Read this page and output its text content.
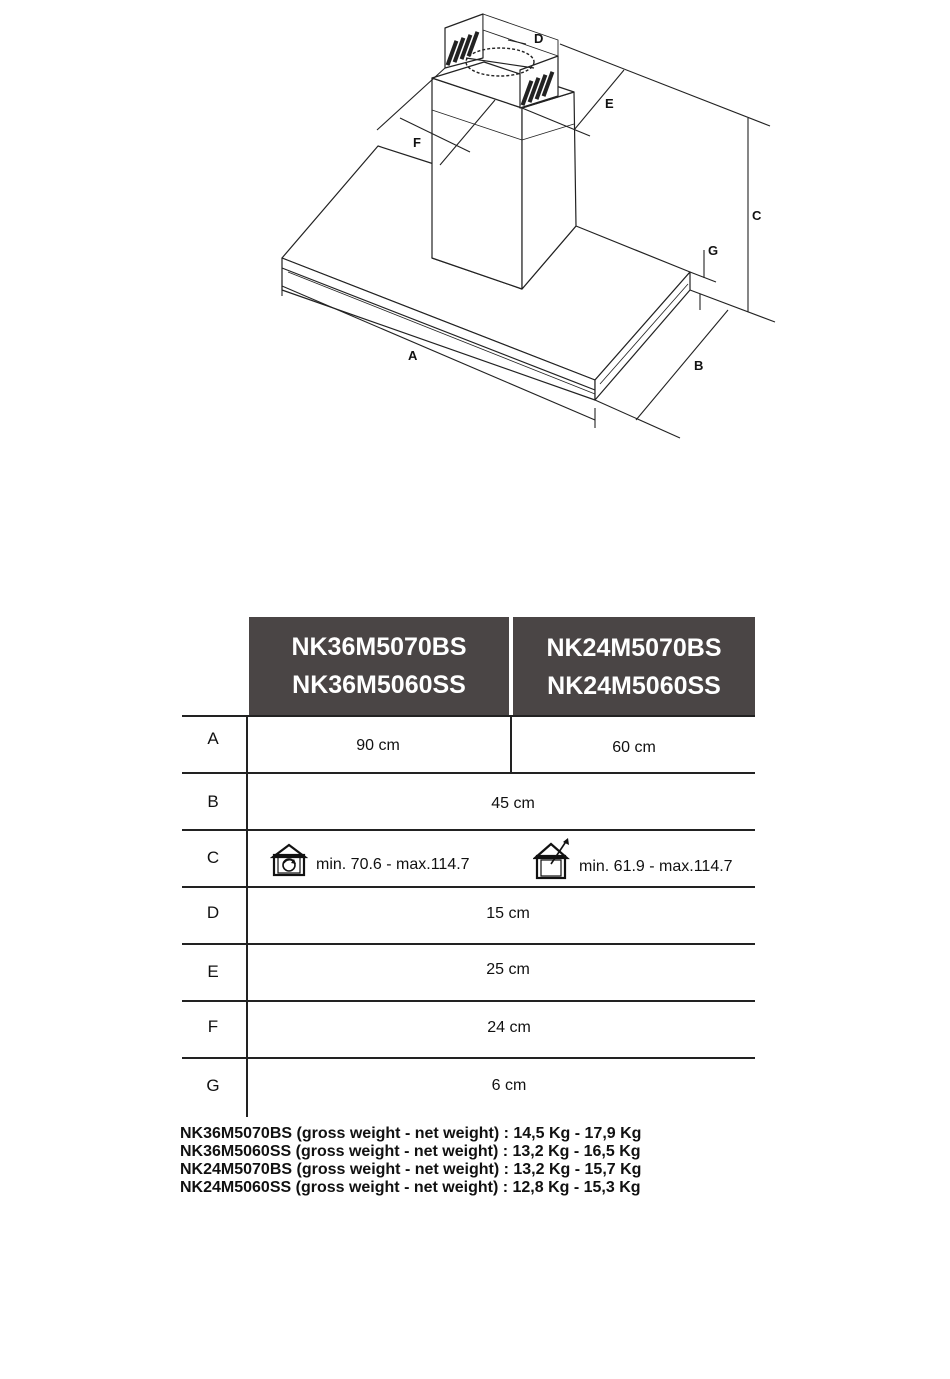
A
B
C
D
E
F
G
NK36M5070BS
NK36M5060SS
NK24M5070BS
NK24M5060SS
A
B
C
D
E
F
G
90 cm	60 cm
45 cm
min. 70.6 - max.114.7	min. 61.9 - max.114.7
15 cm
25 cm
24 cm
6 cm
NK36M5070BS (gross weight - net weight) : 14,5 Kg - 17,9 Kg
NK36M5060SS (gross weight - net weight) : 13,2 Kg - 16,5 Kg
NK24M5070BS (gross weight - net weight) : 13,2 Kg - 15,7 Kg
NK24M5060SS (gross weight - net weight) : 12,8 Kg - 15,3 Kg
